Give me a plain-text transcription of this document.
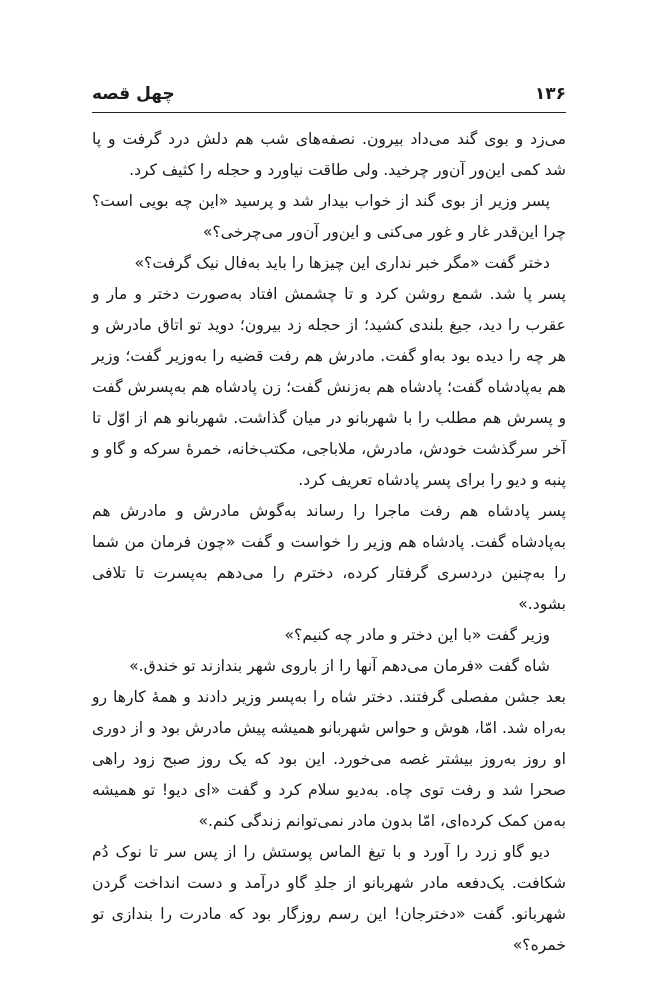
۱۳۶
چهل قصه

می‌زد و بوی گند می‌داد بیرون. نصفه‌های شب هم دلش درد گرفت و پا شد کمی این‌ور آن‌ور چرخید. ولی طاقت نیاورد و حجله را کثیف کرد.

پسر وزیر از بوی گند از خواب بیدار شد و پرسید «این چه بویی است؟ چرا این‌قدر غار و غور می‌کنی و این‌ور آن‌ور می‌چرخی؟»

دختر گفت «مگر خبر نداری این چیزها را باید به‌فال نیک گرفت؟»

پسر پا شد. شمع روشن کرد و تا چشمش افتاد به‌صورت دختر و مار و عقرب را دید، جیغ بلندی کشید؛ از حجله زد بیرون؛ دوید تو اتاق مادرش و هر چه را دیده بود به‌او گفت. مادرش هم رفت قضیه را به‌وزیر گفت؛ وزیر هم به‌پادشاه گفت؛ پادشاه هم به‌زنش گفت؛ زن پادشاه هم به‌پسرش گفت و پسرش هم مطلب را با شهربانو در میان گذاشت. شهربانو هم از اوّل تا آخر سرگذشت خودش، مادرش، ملاباجی، مکتب‌خانه، خمرهٔ سرکه و گاو و پنبه و دیو را برای پسر پادشاه تعریف کرد.

پسر پادشاه هم رفت ماجرا را رساند به‌گوش مادرش و مادرش هم به‌پادشاه گفت. پادشاه هم وزیر را خواست و گفت «چون فرمان من شما را به‌چنین دردسری گرفتار کرده، دخترم را می‌دهم به‌پسرت تا تلافی بشود.»

وزیر گفت «با این دختر و مادر چه کنیم؟»

شاه گفت «فرمان می‌دهم آنها را از باروی شهر بندازند تو خندق.»

بعد جشن مفصلی گرفتند. دختر شاه را به‌پسر وزیر دادند و همهٔ کارها رو به‌راه شد. امّا، هوش و حواس شهربانو همیشه پیش مادرش بود و از دوری او روز به‌روز بیشتر غصه می‌خورد. این بود که یک روز صبح زود راهی صحرا شد و رفت توی چاه. به‌دیو سلام کرد و گفت «ای دیو! تو همیشه به‌من کمک کرده‌ای، امّا بدون مادر نمی‌توانم زندگی کنم.»

دیو گاو زرد را آورد و با تیغ الماس پوستش را از پس سر تا نوک دُم شکافت. یک‌دفعه مادر شهربانو از جلدِ گاو درآمد و دست انداخت گردن شهربانو. گفت «دخترجان! این رسم روزگار بود که مادرت را بندازی تو خمره؟»
